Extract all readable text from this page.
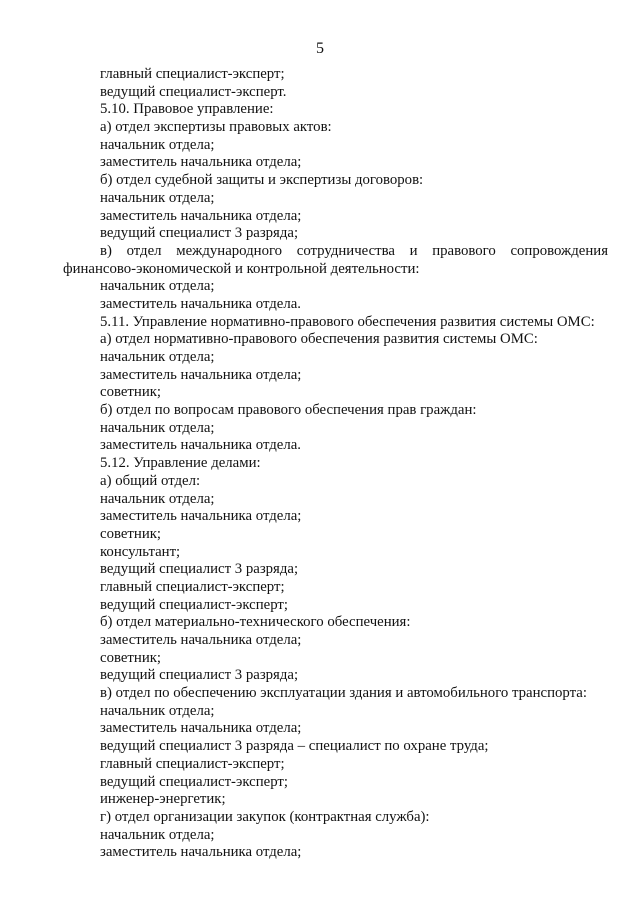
5
главный специалист-эксперт;
ведущий специалист-эксперт.
5.10. Правовое управление:
а) отдел экспертизы правовых актов:
начальник отдела;
заместитель начальника отдела;
б) отдел судебной защиты и экспертизы договоров:
начальник отдела;
заместитель начальника отдела;
ведущий специалист 3 разряда;
в) отдел международного сотрудничества и правового сопровождения
финансово-экономической и контрольной деятельности:
начальник отдела;
заместитель начальника отдела.
5.11. Управление нормативно-правового обеспечения развития системы ОМС:
а) отдел нормативно-правового обеспечения развития системы ОМС:
начальник отдела;
заместитель начальника отдела;
советник;
б) отдел по вопросам правового обеспечения прав граждан:
начальник отдела;
заместитель начальника отдела.
5.12. Управление делами:
а) общий отдел:
начальник отдела;
заместитель начальника отдела;
советник;
консультант;
ведущий специалист 3 разряда;
главный специалист-эксперт;
ведущий специалист-эксперт;
б) отдел материально-технического обеспечения:
заместитель начальника отдела;
советник;
ведущий специалист 3 разряда;
в) отдел по обеспечению эксплуатации здания и автомобильного транспорта:
начальник отдела;
заместитель начальника отдела;
ведущий специалист 3 разряда – специалист по охране труда;
главный специалист-эксперт;
ведущий специалист-эксперт;
инженер-энергетик;
г) отдел организации закупок (контрактная служба):
начальник отдела;
заместитель начальника отдела;
